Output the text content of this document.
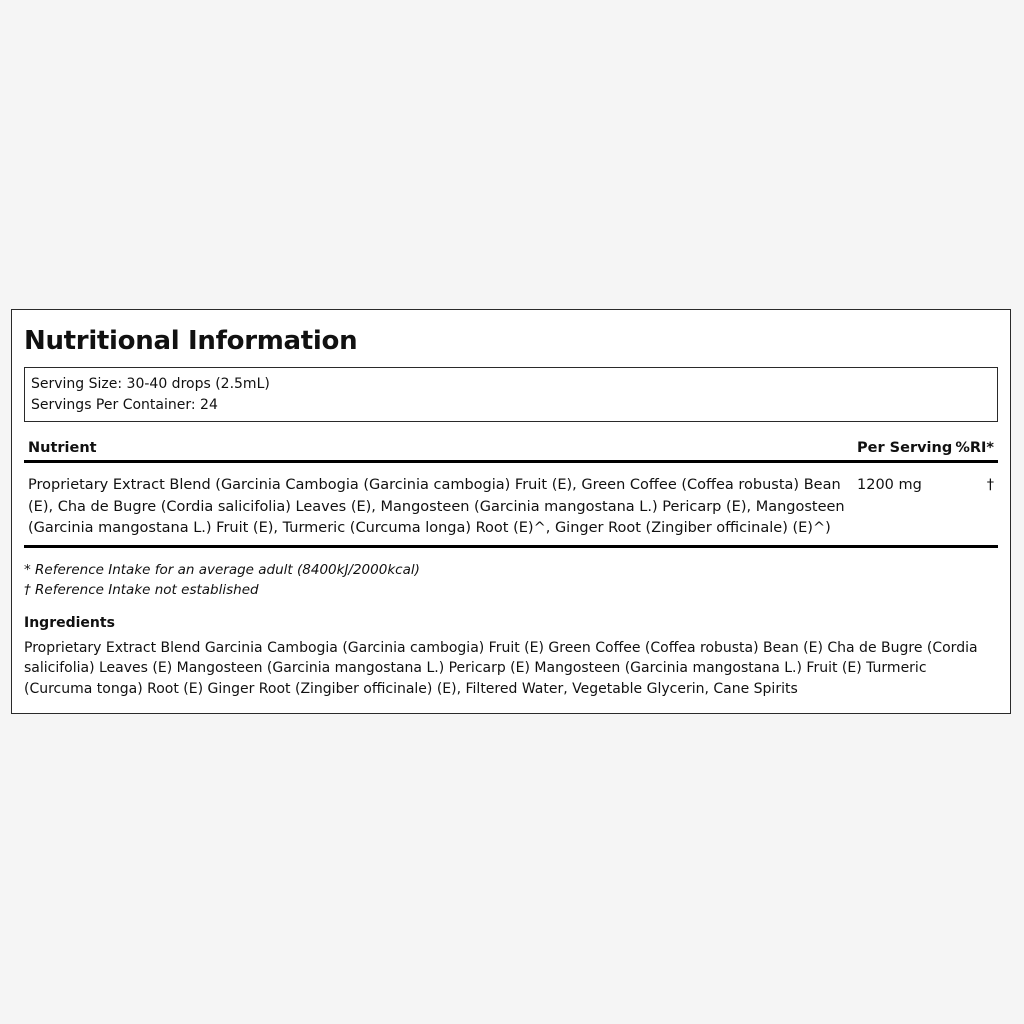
Nutritional Information
Serving Size: 30-40 drops (2.5mL)
Servings Per Container: 24
Nutrient	Per Serving %RI*
Proprietary Extract Blend (Garcinia Cambogia (Garcinia cambogia) Fruit (E), Green Coffee (Coffea robusta) Bean (E), Cha de Bugre (Cordia salicifolia) Leaves (E), Mangosteen (Garcinia mangostana L.) Pericarp (E), Mangosteen (Garcinia mangostana L.) Fruit (E), Turmeric (Curcuma longa) Root (E)^, Ginger Root (Zingiber officinale) (E)^)
1200 mg	†
* Reference Intake for an average adult (8400kJ/2000kcal)
† Reference Intake not established
Ingredients
Proprietary Extract Blend Garcinia Cambogia (Garcinia cambogia) Fruit (E) Green Coffee (Coffea robusta) Bean (E) Cha de Bugre (Cordia salicifolia) Leaves (E) Mangosteen (Garcinia mangostana L.) Pericarp (E) Mangosteen (Garcinia mangostana L.) Fruit (E) Turmeric (Curcuma tonga) Root (E) Ginger Root (Zingiber officinale) (E), Filtered Water, Vegetable Glycerin, Cane Spirits
